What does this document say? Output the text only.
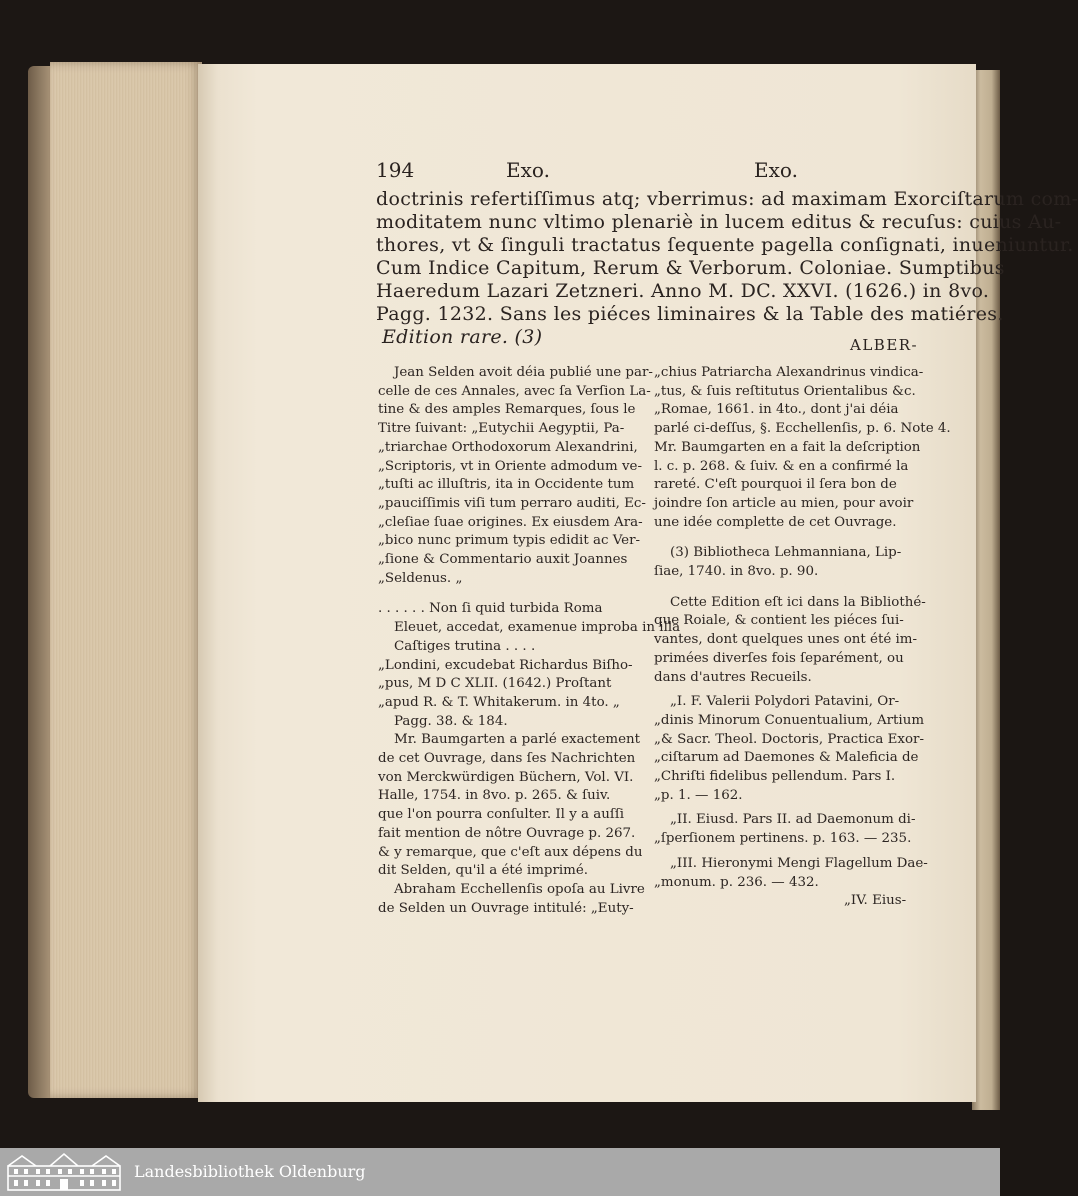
194	Exo.	Exo.
doctrinis refertiſſimus atq; vberrimus: ad maximam Exorciſtarum com-
moditatem nunc vltimo plenariè in lucem editus & recuſus: cuius Au-
thores, vt & ſinguli tractatus ſequente pagella conſignati, inueniuntur.
Cum Indice Capitum, Rerum & Verborum. Coloniae. Sumptibus
Haeredum Lazari Zetzneri. Anno M. DC. XXVI. (1626.) in 8vo.
Pagg. 1232. Sans les piéces liminaires & la Table des matiéres.
Edition rare. (3)	ALBER-

Jean Selden avoit déia publié une par-

celle de ces Annales, avec ſa Verſion La-

tine & des amples Remarques, ſous le

Titre ſuivant: „Eutychii Aegyptii, Pa-

„triarchae Orthodoxorum Alexandrini,

„Scriptoris, vt in Oriente admodum ve-

„tuſti ac illuſtris, ita in Occidente tum

„pauciſſimis viſi tum perraro auditi, Ec-

„cleſiae ſuae origines. Ex eiusdem Ara-

„bico nunc primum typis edidit ac Ver-

„ſione & Commentario auxit Joannes

„Seldenus. „

. . . . . . Non ſi quid turbida Roma

Eleuet, accedat, examenue improba in illa

Caſtiges trutina . . . .

„Londini, excudebat Richardus Biſho-

„pus, M D C XLII. (1642.) Proſtant

„apud R. & T. Whitakerum. in 4to. „

Pagg. 38. & 184.

Mr. Baumgarten a parlé exactement

de cet Ouvrage, dans ſes Nachrichten

von Merckwürdigen Büchern, Vol. VI.

Halle, 1754. in 8vo. p. 265. & ſuiv.

que l'on pourra conſulter. Il y a auſſi

fait mention de nôtre Ouvrage p. 267.

& y remarque, que c'eſt aux dépens du

dit Selden, qu'il a été imprimé.

Abraham Ecchellenſis opoſa au Livre

de Selden un Ouvrage intitulé: „Euty-

„chius Patriarcha Alexandrinus vindica-

„tus, & ſuis reſtitutus Orientalibus &c.

„Romae, 1661. in 4to., dont j'ai déia

parlé ci-deſſus, §. Ecchellenſis, p. 6. Note 4.

Mr. Baumgarten en a fait la deſcription

l. c. p. 268. & ſuiv. & en a confirmé la

rareté. C'eſt pourquoi il ſera bon de

joindre ſon article au mien, pour avoir

une idée complette de cet Ouvrage.

(3) Bibliotheca Lehmanniana, Lip-

ſiae, 1740. in 8vo. p. 90.

Cette Edition eſt ici dans la Bibliothé-

que Roiale, & contient les piéces ſui-

vantes, dont quelques unes ont été im-

primées diverſes fois ſeparément, ou

dans d'autres Recueils.

„I. F. Valerii Polydori Patavini, Or-

„dinis Minorum Conuentualium, Artium

„& Sacr. Theol. Doctoris, Practica Exor-

„ciſtarum ad Daemones & Maleficia de

„Chriſti fidelibus pellendum. Pars I.

„p. 1. — 162.

„II. Eiusd. Pars II. ad Daemonum di-

„ſperſionem pertinens. p. 163. — 235.

„III. Hieronymi Mengi Flagellum Dae-

„monum. p. 236. — 432.

„IV. Eius-

Landesbibliothek Oldenburg
